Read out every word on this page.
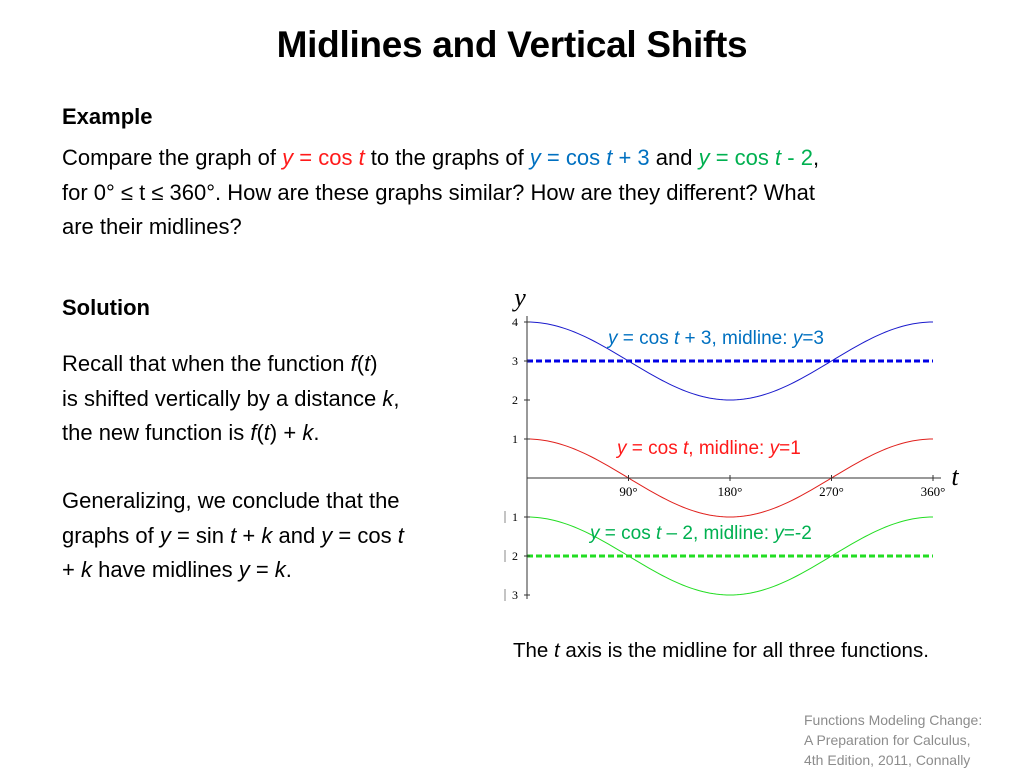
Midlines and Vertical Shifts
Example
Compare the graph of y = cos t to the graphs of y = cos t + 3 and y = cos t - 2,
for 0° ≤ t ≤ 360°. How are these graphs similar? How are they different? What
are their midlines?
Solution
Recall that when the function f(t)
is shifted vertically by a distance k,
the new function is f(t) + k.
Generalizing, we conclude that the
graphs of y = sin t + k and y = cos t
+ k have midlines y = k.
y
t
4
3
2
1
1
2
3
90°	180°	270°	360°
y = cos t + 3, midline: y=3
y = cos t, midline: y=1
y = cos t – 2, midline: y=-2
The t axis is the midline for all three functions.
Functions Modeling Change:
A Preparation for Calculus,
4th Edition, 2011, Connally
